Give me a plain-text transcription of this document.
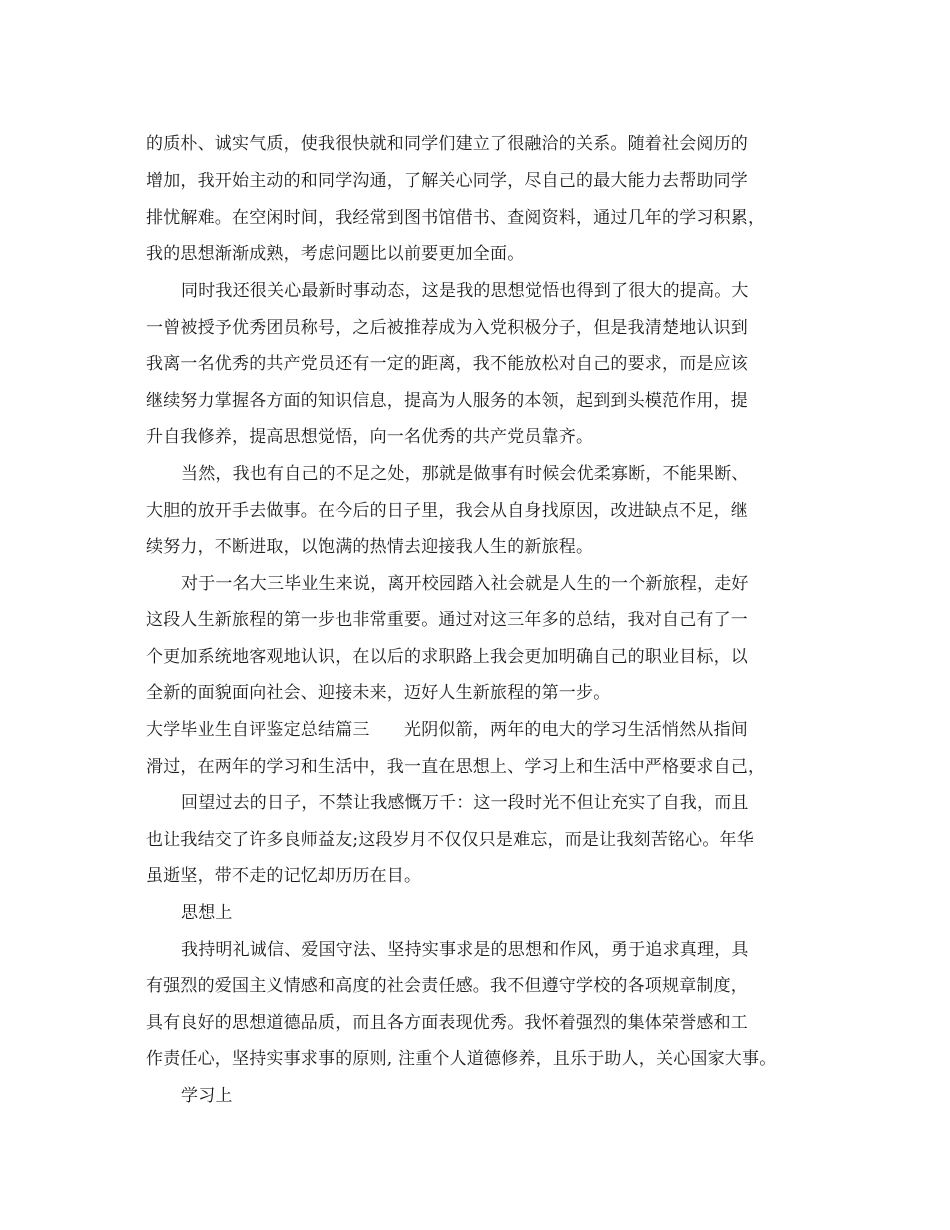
的质朴、诚实气质，使我很快就和同学们建立了很融洽的关系。随着社会阅历的
增加，我开始主动的和同学沟通，了解关心同学，尽自己的最大能力去帮助同学
排忧解难。在空闲时间，我经常到图书馆借书、查阅资料，通过几年的学习积累，
我的思想渐渐成熟，考虑问题比以前要更加全面。
同时我还很关心最新时事动态，这是我的思想觉悟也得到了很大的提高。大
一曾被授予优秀团员称号，之后被推荐成为入党积极分子，但是我清楚地认识到
我离一名优秀的共产党员还有一定的距离，我不能放松对自己的要求，而是应该
继续努力掌握各方面的知识信息，提高为人服务的本领，起到到头模范作用，提
升自我修养，提高思想觉悟，向一名优秀的共产党员靠齐。
当然，我也有自己的不足之处，那就是做事有时候会优柔寡断，不能果断、
大胆的放开手去做事。在今后的日子里，我会从自身找原因，改进缺点不足，继
续努力，不断进取，以饱满的热情去迎接我人生的新旅程。
对于一名大三毕业生来说，离开校园踏入社会就是人生的一个新旅程，走好
这段人生新旅程的第一步也非常重要。通过对这三年多的总结，我对自己有了一
个更加系统地客观地认识，在以后的求职路上我会更加明确自己的职业目标，以
全新的面貌面向社会、迎接未来，迈好人生新旅程的第一步。
大学毕业生自评鉴定总结篇三　　光阴似箭，两年的电大的学习生活悄然从指间
滑过，在两年的学习和生活中，我一直在思想上、学习上和生活中严格要求自己，
回望过去的日子，不禁让我感慨万千：这一段时光不但让充实了自我，而且
也让我结交了许多良师益友;这段岁月不仅仅只是难忘，而是让我刻苦铭心。年华
虽逝坚，带不走的记忆却历历在目。
思想上
我持明礼诚信、爱国守法、坚持实事求是的思想和作风，勇于追求真理，具
有强烈的爱国主义情感和高度的社会责任感。我不但遵守学校的各项规章制度，
具有良好的思想道德品质，而且各方面表现优秀。我怀着强烈的集体荣誉感和工
作责任心，坚持实事求事的原则, 注重个人道德修养，且乐于助人，关心国家大事。
学习上
